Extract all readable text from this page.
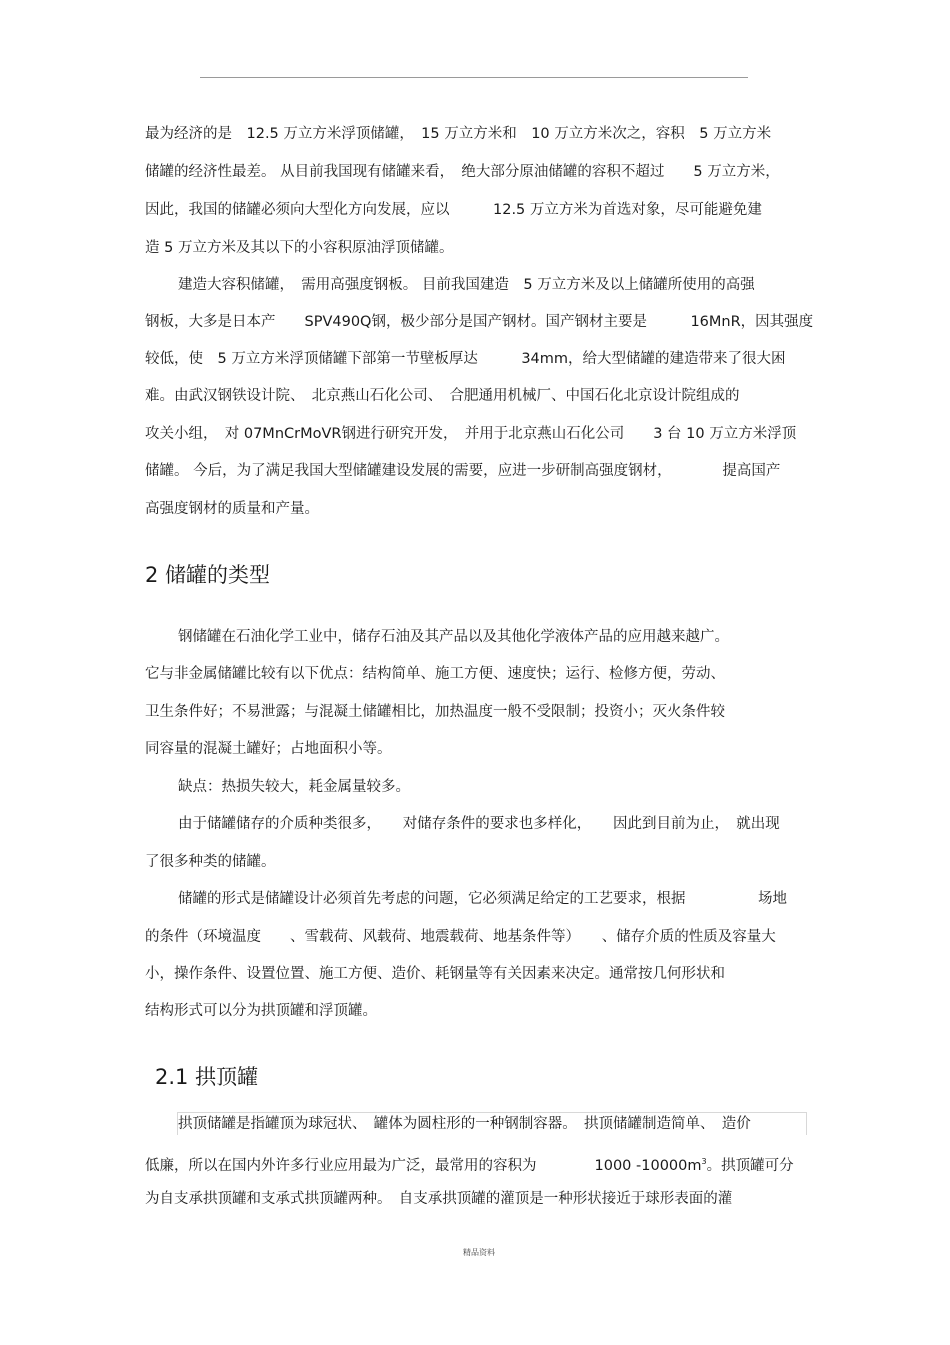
最为经济的是　12.5 万立方米浮顶储罐，　15 万立方米和　10 万立方米次之，容积　5 万立方米
储罐的经济性最差。 从目前我国现有储罐来看，　绝大部分原油储罐的容积不超过　　5 万立方米，
因此，我国的储罐必须向大型化方向发展，应以　　　12.5 万立方米为首选对象，尽可能避免建
造 5 万立方米及其以下的小容积原油浮顶储罐。
建造大容积储罐，　需用高强度钢板。 目前我国建造　5 万立方米及以上储罐所使用的高强
钢板，大多是日本产　　SPV490Q钢，极少部分是国产钢材。国产钢材主要是　　　16MnR，因其强度
较低，使　5 万立方米浮顶储罐下部第一节壁板厚达　　　34mm，给大型储罐的建造带来了很大困
难。由武汉钢铁设计院、　北京燕山石化公司、　合肥通用机械厂、中国石化北京设计院组成的
攻关小组，　对 07MnCrMoVR钢进行研究开发，　并用于北京燕山石化公司　　3 台 10 万立方米浮顶
储罐。 今后，为了满足我国大型储罐建设发展的需要，应进一步研制高强度钢材，　　　　提高国产
高强度钢材的质量和产量。
2 储罐的类型
钢储罐在石油化学工业中，储存石油及其产品以及其他化学液体产品的应用越来越广。
它与非金属储罐比较有以下优点：结构简单、施工方便、速度快；运行、检修方便，劳动、
卫生条件好；不易泄露；与混凝土储罐相比，加热温度一般不受限制；投资小；灭火条件较
同容量的混凝土罐好；占地面积小等。
缺点：热损失较大，耗金属量较多。
由于储罐储存的介质种类很多，　　对储存条件的要求也多样化，　　因此到目前为止，　就出现
了很多种类的储罐。
储罐的形式是储罐设计必须首先考虑的问题，它必须满足给定的工艺要求，根据　　　　　场地
的条件（环境温度　　、雪载荷、风载荷、地震载荷、地基条件等）　　、储存介质的性质及容量大
小，操作条件、设置位置、施工方便、造价、耗钢量等有关因素来决定。通常按几何形状和
结构形式可以分为拱顶罐和浮顶罐。
2.1 拱顶罐
拱顶储罐是指罐顶为球冠状、　罐体为圆柱形的一种钢制容器。　拱顶储罐制造简单、　造价
低廉，所以在国内外许多行业应用最为广泛，最常用的容积为　　　　1000 $-10000m^3$。拱顶罐可分
为自支承拱顶罐和支承式拱顶罐两种。　自支承拱顶罐的灌顶是一种形状接近于球形表面的灌
精品资料
